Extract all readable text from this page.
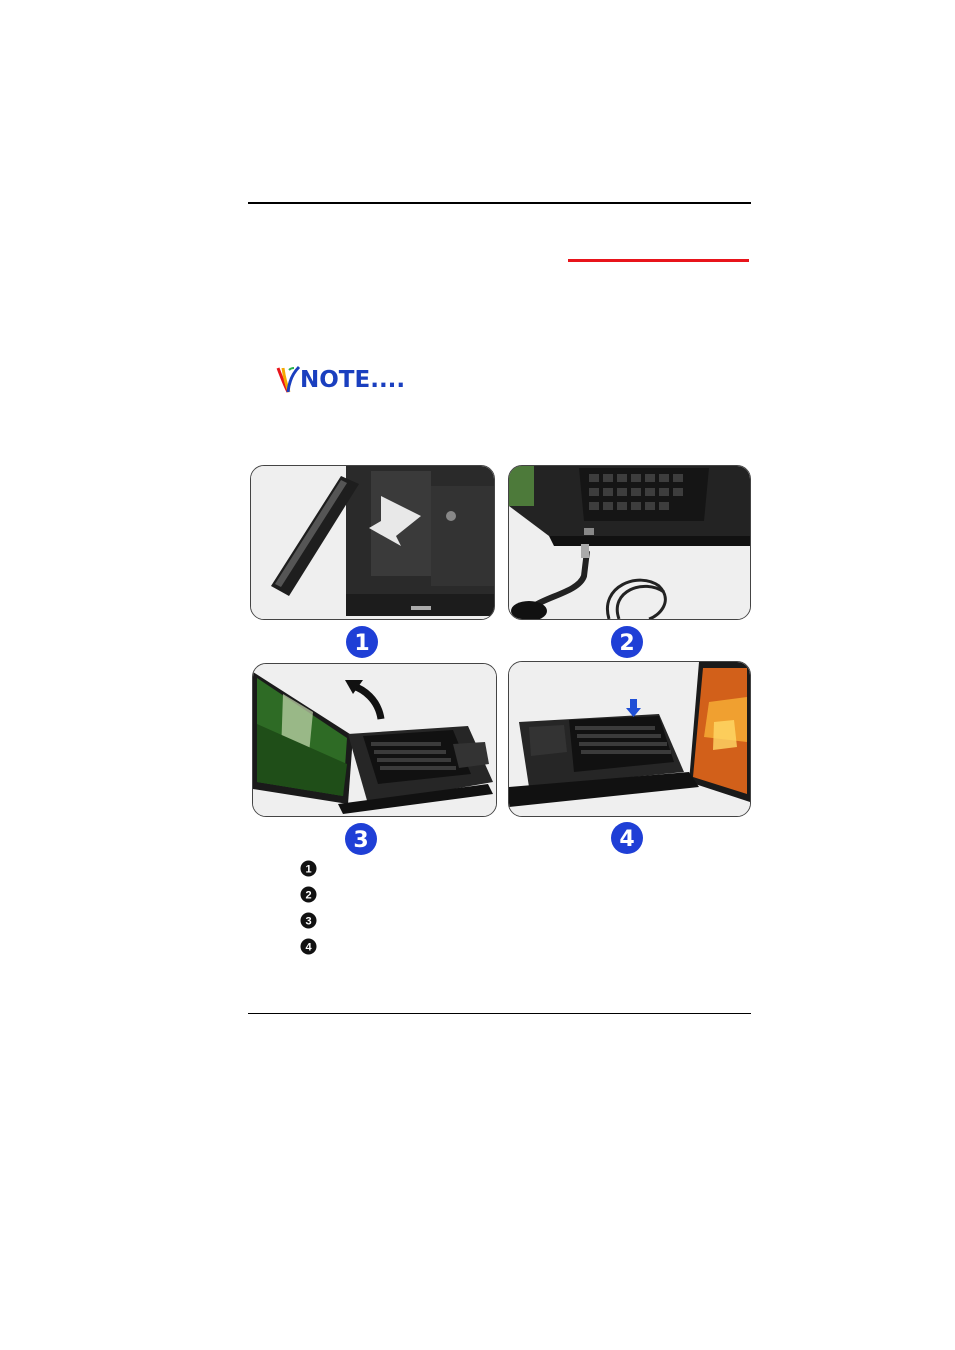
NOTE....
1	2
3	4
1
2
3
4
